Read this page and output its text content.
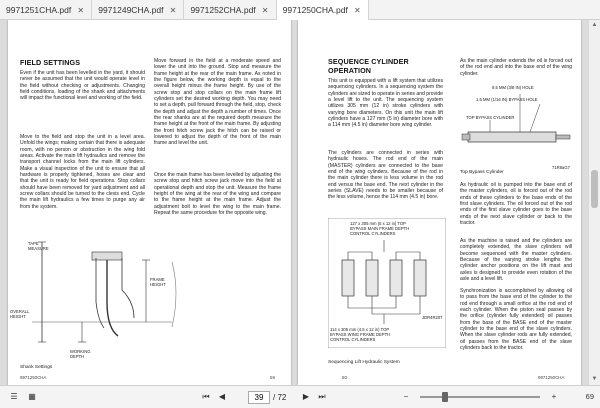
9971251CHA.pdf ✕ 9971249CHA.pdf ✕ 9971252CHA.pdf ✕ 9971250CHA.pdf ✕
FIELD SETTINGS
Even if the unit has been levelled in the yard, it should never be assumed that the unit would operate level in the field without checking or adjustments. Changing field conditions, loading of the shank and attachments will impact the functional level and working of the field.
Move to the field and stop the unit in a level area. Unfold the wings; making certain that there is adequate room, with no person or obstruction in the wing fold areas. Activate the main lift hydraulics and remove the transport channel locks from the main lift cylinders. Make a visual inspection of the unit to ensure that all hardware is properly tightened, hoses are clear and that the unit is ready for field operations. Stop collars should have been removed for yard adjustment and all screw collars should be turned to the clevis end. Cycle the main lift hydraulics a few times to purge any air from the system.
Move forward in the field at a moderate speed and lower the unit into the ground. Stop and measure the frame height at the rear of the main frame. As noted in the figure below, the working depth is equal to the overall height minus the frame height. By use of the screw stop and stop collars on the main frame lift cylinders set the desired working depth. You may need to set a depth, pull forward through the field, stop, check the depth and adjust the depth a number of times. Once the rear shanks are at the required depth measure the frame height at the front of the main frame. By adjusting the front hitch screw jack the hitch can be raised or lowered to adjust the depth of the front of the main frame and level the unit.
Once the main frame has been levelled by adjusting the screw stop and hitch screw jack move into the field at operational depth and stop the unit. Measure the frame height of the wing at the rear of the wing and compare to the frame height at the main frame. Adjust the adjustment bolt to level the wing to the main frame. Repeat the same procedure for the opposite wing.
TAPE MEASURE
OVERALL HEIGHT
FRAME HEIGHT
WORKING DEPTH
Shank Settings
9971250CHA	59
SEQUENCE CYLINDER OPERATION
This unit is equipped with a lift system that utilizes sequencing cylinders. In a sequencing system the cylinders are sized to operate in series and provide a level lift to the unit. The sequencing system utilizes 305 mm (12 in) stroke cylinders with varying bore diameters. On this unit the main lift cylinders have a 127 mm (5 in) diameter bore with a 114 mm (4.5 in) diameter bore wing cylinder.
The cylinders are connected in series with hydraulic hoses. The rod end of the main (MASTER) cylinders are connected to the base end of the wing cylinders. Because of the rod in the main cylinder there is less volume in the rod end versus the base end. The next cylinder in the series (SLAVE) needs to be smaller because of the less volume, hence the 114 mm (4.5 in) bore.
127 x 305 mm (5 x 12 in) TOP BYPASS MAIN FRAME DEPTH CONTROL CYLINDERS
114 x 305 mm (4.5 x 12 in) TOP BYPASS WING FRAME DEPTH CONTROL CYLINDERS
JDR4R207
Sequencing Lift Hydraulic System
As the main cylinder extends the oil is forced out of the rod end and into the base end of the wing cylinder.
9.5 MM (3/8 IN) HOLE
1.6 MM (1/16 IN) BYPASS HOLE
TOP BYPASS CYLINDER
71R8aG7
Top Bypass Cylinder
As hydraulic oil is pumped into the base end of the master cylinders, oil is forced out of the rod ends of these cylinders to the base ends of the first slave cylinders. The oil forced out of the rod ends of the first slave cylinder goes to the base ends of the next slave cylinder or back to the tractor.
As the machine is raised and the cylinders are completely extended, the slave cylinders will become sequenced with the master cylinders. Because of the varying stroke lengths the cylinder anchor positions on the lift mast and axles is designed to provide even rotation of the axle and a level lift.
Synchronization is accomplished by allowing oil to pass from the base end of the cylinder to the rod end through a small orifice at the rod end of each cylinder. When the piston seal passes by the orifice (cylinder fully extended) oil passes from the base of the BASE end of the master cylinder to the base end of the slave cylinders. When the slave cylinder rods are fully extended, oil passes from the BASE end of the slave cylinders back to the tractor.
60	9971250CHA
▲
▼
☰	▦	⏮	◀
39	/ 72	▶	⏭	−	+	69
